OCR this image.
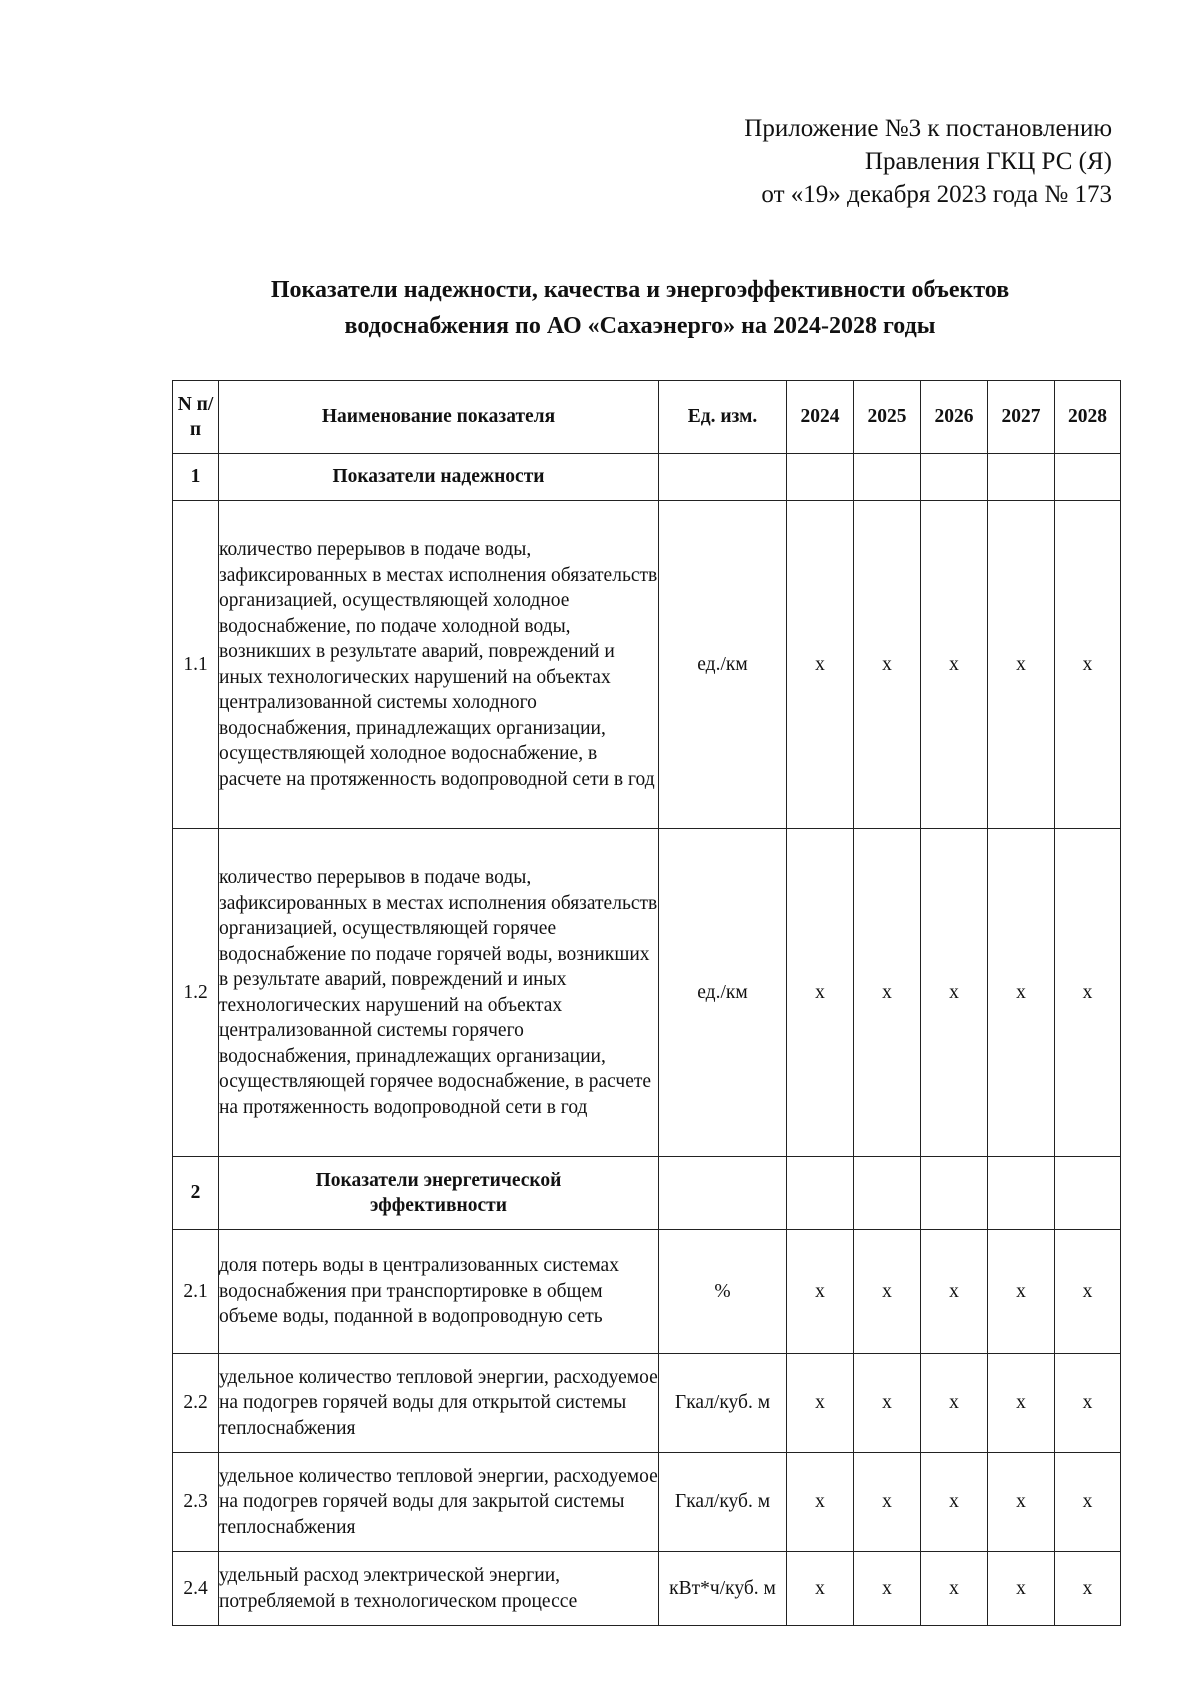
Приложение №3 к постановлению
Правления ГКЦ РС (Я)
от «19» декабря 2023 года № 173
Показатели надежности, качества и энергоэффективности объектов
водоснабжения по АО «Сахаэнерго» на 2024-2028 годы
N п/п	Наименование показателя	Ед. изм.	2024	2025	2026	2027	2028
1	Показатели надежности						
1.1	количество перерывов в подаче воды, зафиксированных в местах исполнения обязательств организацией, осуществляющей холодное водоснабжение, по подаче холодной воды, возникших в результате аварий, повреждений и иных технологических нарушений на объектах централизованной системы холодного водоснабжения, принадлежащих организации, осуществляющей холодное водоснабжение, в расчете на протяженность водопроводной сети в год	ед./км	х	х	х	х	х
1.2	количество перерывов в подаче воды, зафиксированных в местах исполнения обязательств организацией, осуществляющей горячее водоснабжение по подаче горячей воды, возникших в результате аварий, повреждений и иных технологических нарушений на объектах централизованной системы горячего водоснабжения, принадлежащих организации, осуществляющей горячее водоснабжение, в расчете на протяженность водопроводной сети в год	ед./км	х	х	х	х	х
2	Показатели энергетической эффективности						
2.1	доля потерь воды в централизованных системах водоснабжения при транспортировке в общем объеме воды, поданной в водопроводную сеть	%	х	х	х	х	х
2.2	удельное количество тепловой энергии, расходуемое на подогрев горячей воды для открытой системы теплоснабжения	Гкал/куб. м	х	х	х	х	х
2.3	удельное количество тепловой энергии, расходуемое на подогрев горячей воды для закрытой системы теплоснабжения	Гкал/куб. м	х	х	х	х	х
2.4	удельный расход электрической энергии, потребляемой в технологическом процессе	кВт*ч/куб. м	х	х	х	х	х
